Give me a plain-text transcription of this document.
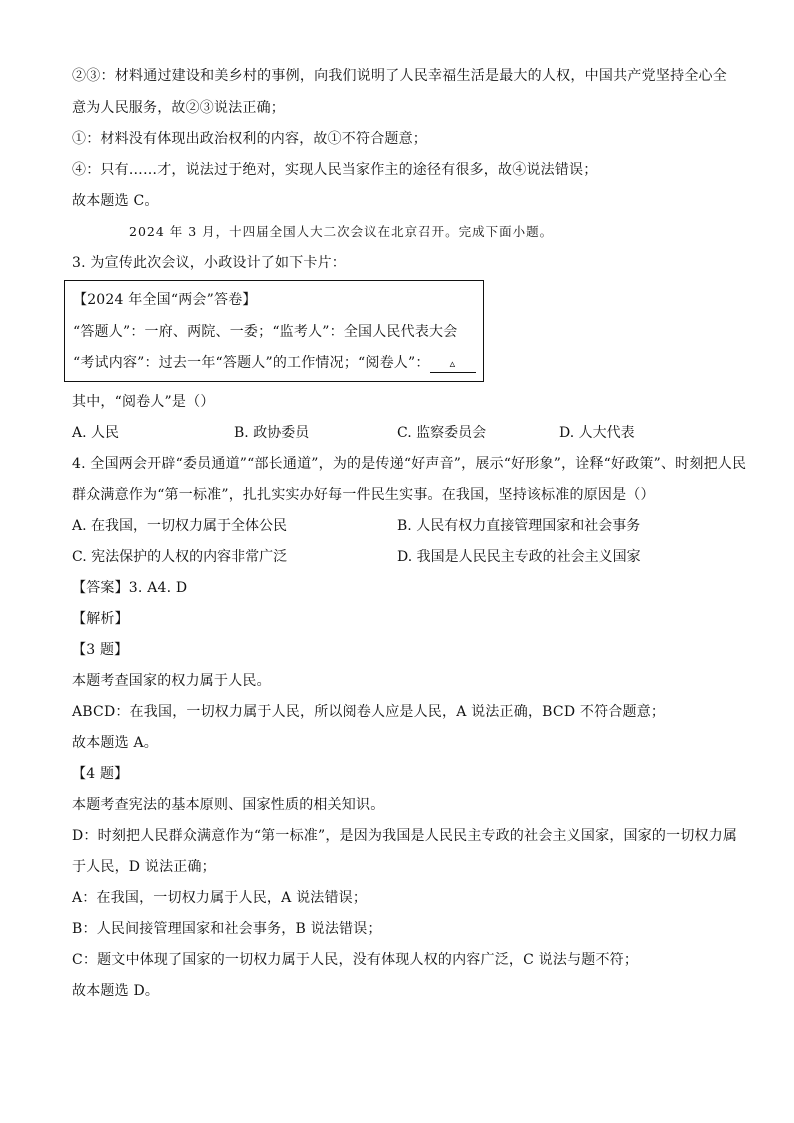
②③：材料通过建设和美乡村的事例，向我们说明了人民幸福生活是最大的人权，中国共产党坚持全心全
意为人民服务，故②③说法正确；
①：材料没有体现出政治权利的内容，故①不符合题意；
④：只有……才，说法过于绝对，实现人民当家作主的途径有很多，故④说法错误；
故本题选 C。
2024 年 3 月，十四届全国人大二次会议在北京召开。完成下面小题。
3. 为宣传此次会议，小政设计了如下卡片：
【2024 年全国“两会”答卷】
“答题人”：一府、两院、一委；“监考人”：全国人民代表大会
“考试内容”：过去一年“答题人”的工作情况；“阅卷人”： ▵
其中，“阅卷人”是（）
A. 人民	B. 政协委员	C. 监察委员会	D. 人大代表
4. 全国两会开辟“委员通道”“部长通道”，为的是传递“好声音”，展示“好形象”，诠释“好政策”、时刻把人民
群众满意作为“第一标准”，扎扎实实办好每一件民生实事。在我国，坚持该标准的原因是（）
A. 在我国，一切权力属于全体公民	B. 人民有权力直接管理国家和社会事务
C. 宪法保护的人权的内容非常广泛	D. 我国是人民民主专政的社会主义国家
【答案】3. A4. D
【解析】
【3 题】
本题考查国家的权力属于人民。
ABCD：在我国，一切权力属于人民，所以阅卷人应是人民，A 说法正确，BCD 不符合题意；
故本题选 A。
【4 题】
本题考查宪法的基本原则、国家性质的相关知识。
D：时刻把人民群众满意作为“第一标准”，是因为我国是人民民主专政的社会主义国家，国家的一切权力属
于人民，D 说法正确；
A：在我国，一切权力属于人民，A 说法错误；
B：人民间接管理国家和社会事务，B 说法错误；
C：题文中体现了国家的一切权力属于人民，没有体现人权的内容广泛，C 说法与题不符；
故本题选 D。
